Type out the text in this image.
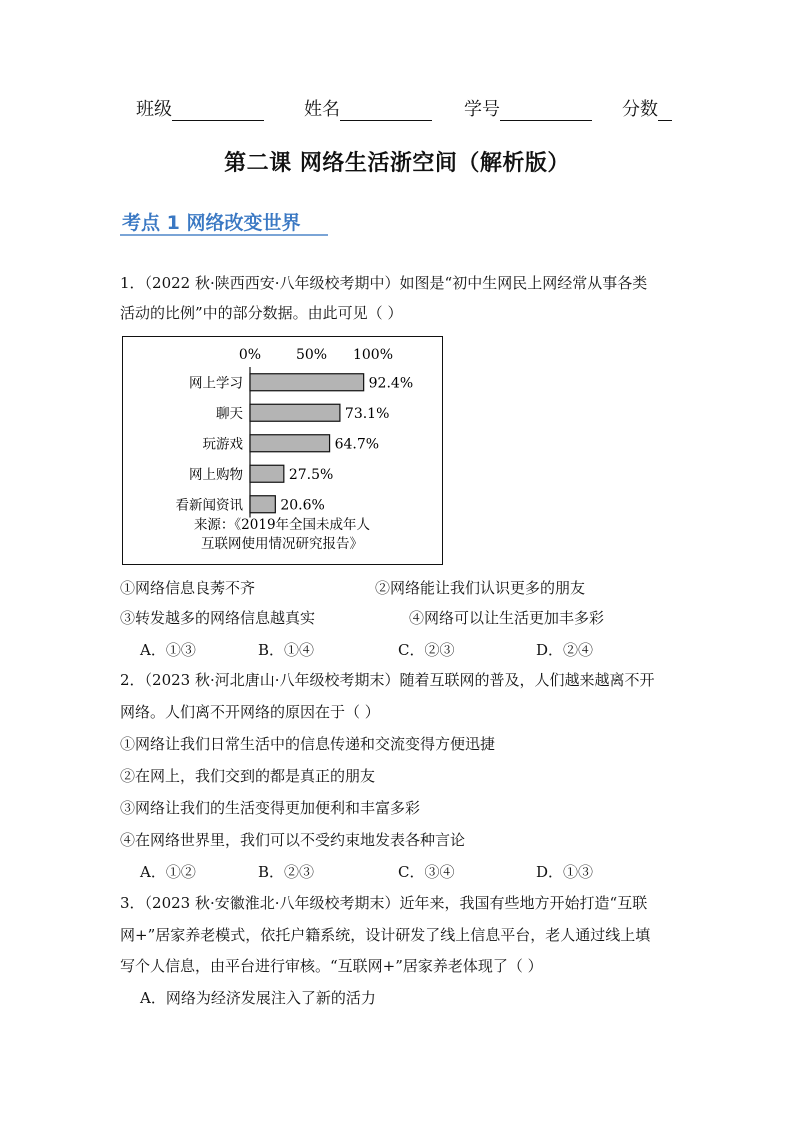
班级	姓名	学号	分数
第二课 网络生活浙空间（解析版）
考点 1 网络改变世界
1．（2022 秋·陕西西安·八年级校考期中）如图是“初中生网民上网经常从事各类
活动的比例”中的部分数据。由此可见（ ）
0% 50% 100%
网上学习	92.4%
聊天	73.1%
玩游戏	64.7%
网上购物	27.5%
看新闻资讯	20.6%
来源：《2019年全国未成年人
互联网使用情况研究报告》
①网络信息良莠不齐	②网络能让我们认识更多的朋友
③转发越多的网络信息越真实	④网络可以让生活更加丰多彩
A．①③	B．①④	C．②③	D．②④
2．（2023 秋·河北唐山·八年级校考期末）随着互联网的普及，人们越来越离不开
网络。人们离不开网络的原因在于（ ）
①网络让我们日常生活中的信息传递和交流变得方便迅捷
②在网上，我们交到的都是真正的朋友
③网络让我们的生活变得更加便利和丰富多彩
④在网络世界里，我们可以不受约束地发表各种言论
A．①②	B．②③	C．③④	D．①③
3．（2023 秋·安徽淮北·八年级校考期末）近年来，我国有些地方开始打造“互联
网+”居家养老模式，依托户籍系统，设计研发了线上信息平台，老人通过线上填
写个人信息，由平台进行审核。“互联网+”居家养老体现了（ ）
A．网络为经济发展注入了新的活力
